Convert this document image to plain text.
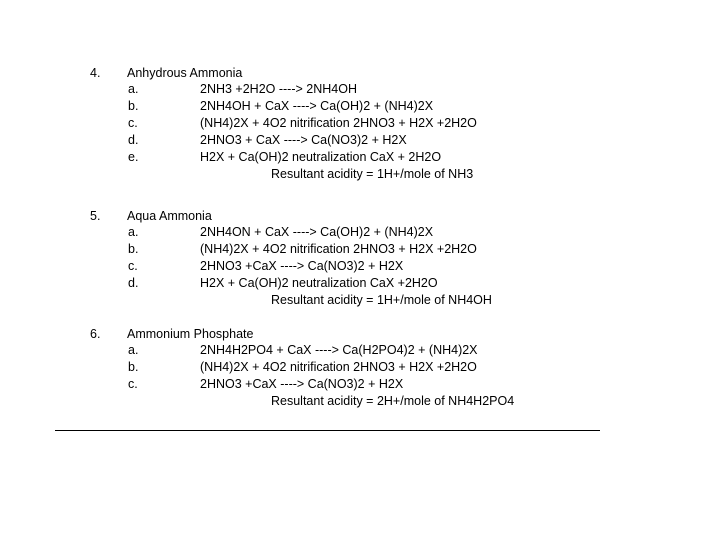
4. Anhydrous Ammonia
a.	2NH3 +2H2O ----> 2NH4OH
b.	2NH4OH + CaX ----> Ca(OH)2 + (NH4)2X
c.	(NH4)2X + 4O2 nitrification 2HNO3 + H2X +2H2O
d.	2HNO3 + CaX ----> Ca(NO3)2 + H2X
e.	H2X + Ca(OH)2 neutralization CaX + 2H2O
Resultant acidity = 1H+/mole of NH3
5. Aqua Ammonia
a.	2NH4ON + CaX ----> Ca(OH)2 + (NH4)2X
b.	(NH4)2X + 4O2 nitrification 2HNO3 + H2X +2H2O
c.	2HNO3 +CaX ----> Ca(NO3)2 + H2X
d.	H2X + Ca(OH)2 neutralization CaX +2H2O
Resultant acidity = 1H+/mole of NH4OH
6. Ammonium Phosphate
a.	2NH4H2PO4 + CaX ----> Ca(H2PO4)2 + (NH4)2X
b.	(NH4)2X + 4O2 nitrification 2HNO3 + H2X +2H2O
c.	2HNO3 +CaX ----> Ca(NO3)2 + H2X
Resultant acidity = 2H+/mole of NH4H2PO4
